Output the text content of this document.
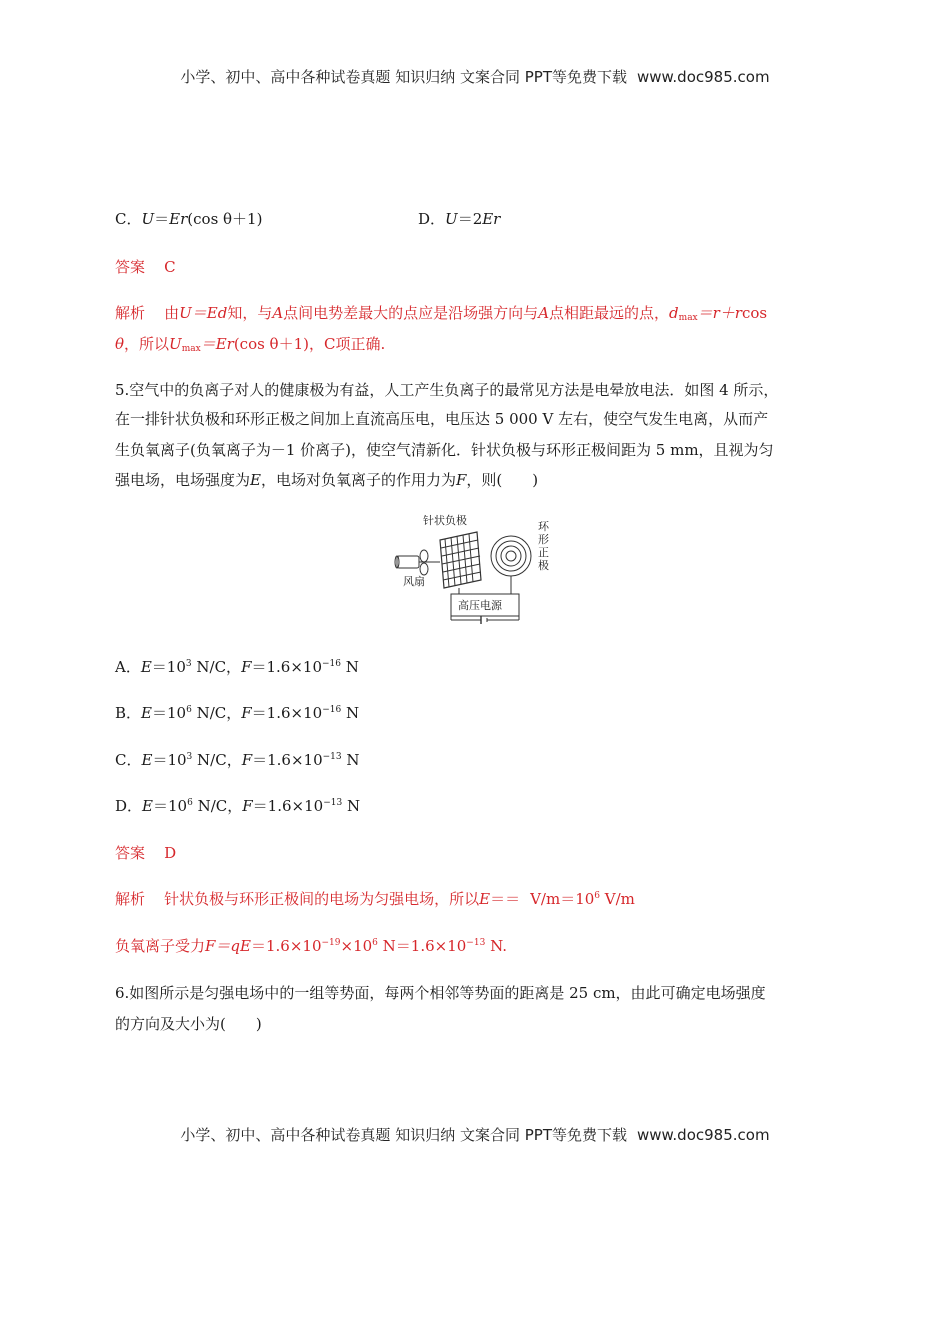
小学、初中、高中各种试卷真题 知识归纳 文案合同 PPT等免费下载 www.doc985.com
C．U＝Er(cos θ＋1)	D．U＝2Er
答案 C
解析 由U＝Ed知，与A点间电势差最大的点应是沿场强方向与A点相距最远的点，$d_{max}=r+rcos$
θ，所以$U_{max}=Er(\cos$ θ＋1)，C项正确.
5.空气中的负离子对人的健康极为有益，人工产生负离子的最常见方法是电晕放电法．如图 4 所示，
在一排针状负极和环形正极之间加上直流高压电，电压达 5 000 V 左右，使空气发生电离，从而产
生负氧离子(负氧离子为－1 价离子)，使空气清新化．针状负极与环形正极间距为 5 mm，且视为匀
强电场，电场强度为E，电场对负氧离子的作用力为F，则(　　)
针状负极
风扇
环 形 正 极
高压电源
A．$E=10^3$ N/C，$F=1.6\times 10^{-16}$ N
B．$E=10^6$ N/C，$F=1.6\times 10^{-16}$ N
C．$E=10^3$ N/C，$F=1.6\times 10^{-13}$ N
D．$E=10^6$ N/C，$F=1.6\times 10^{-13}$ N
答案 D
解析 针状负极与环形正极间的电场为匀强电场，所以$E== V/m=10^6$ V/m
负氧离子受力$F=qE=1.6\times 10^{-19}\times 10^6$ $N=1.6\times 10^{-13}$ N.
6.如图所示是匀强电场中的一组等势面，每两个相邻等势面的距离是 25 cm，由此可确定电场强度
的方向及大小为(　　)
小学、初中、高中各种试卷真题 知识归纳 文案合同 PPT等免费下载 www.doc985.com
